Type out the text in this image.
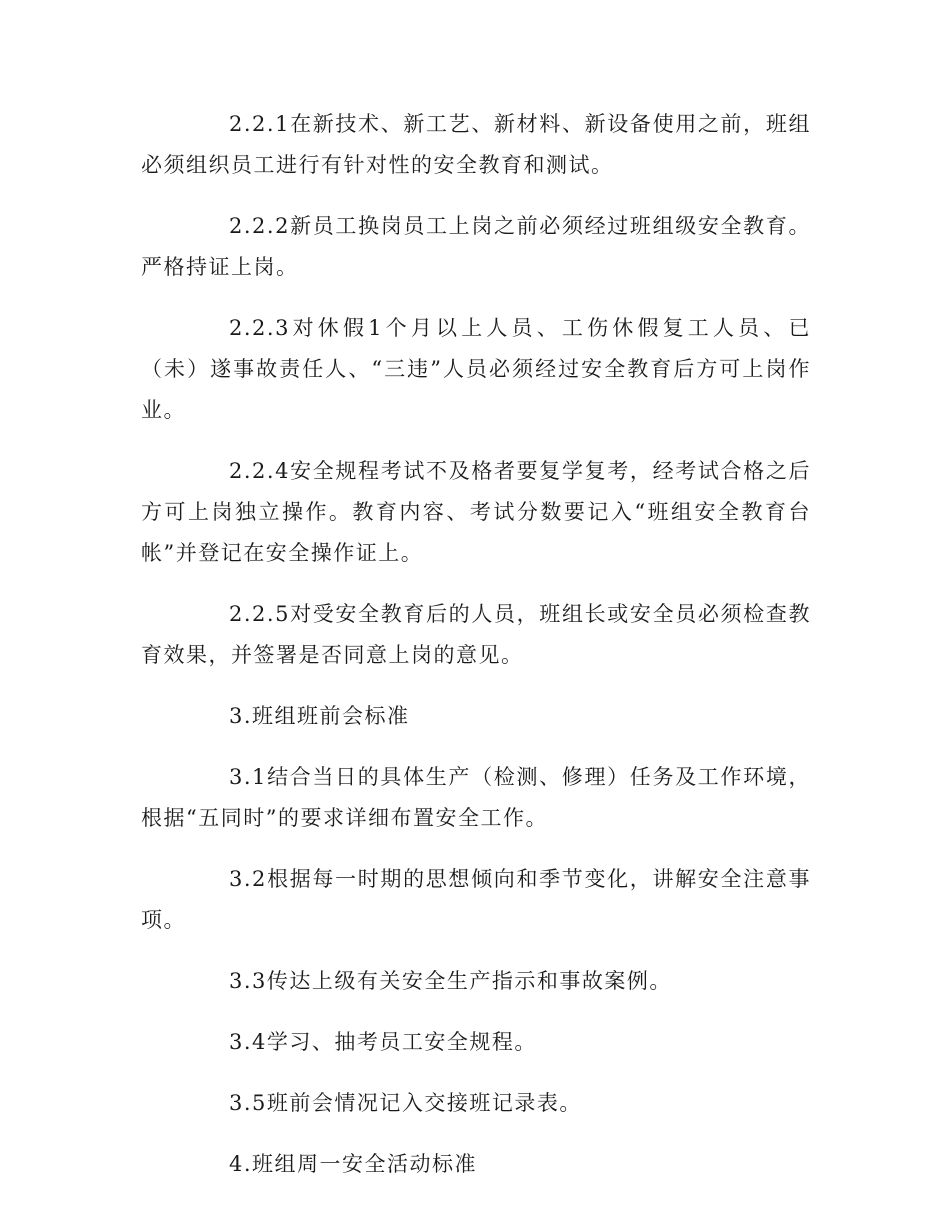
2.2.1在新技术、新工艺、新材料、新设备使用之前，班组必须组织员工进行有针对性的安全教育和测试。

2.2.2新员工换岗员工上岗之前必须经过班组级安全教育。严格持证上岗。

2.2.3对休假1个月以上人员、工伤休假复工人员、已（未）遂事故责任人、“三违”人员必须经过安全教育后方可上岗作业。

2.2.4安全规程考试不及格者要复学复考，经考试合格之后方可上岗独立操作。教育内容、考试分数要记入“班组安全教育台帐”并登记在安全操作证上。

2.2.5对受安全教育后的人员，班组长或安全员必须检查教育效果，并签署是否同意上岗的意见。

3.班组班前会标准

3.1结合当日的具体生产（检测、修理）任务及工作环境，根据“五同时”的要求详细布置安全工作。

3.2根据每一时期的思想倾向和季节变化，讲解安全注意事项。

3.3传达上级有关安全生产指示和事故案例。

3.4学习、抽考员工安全规程。

3.5班前会情况记入交接班记录表。

4.班组周一安全活动标准
